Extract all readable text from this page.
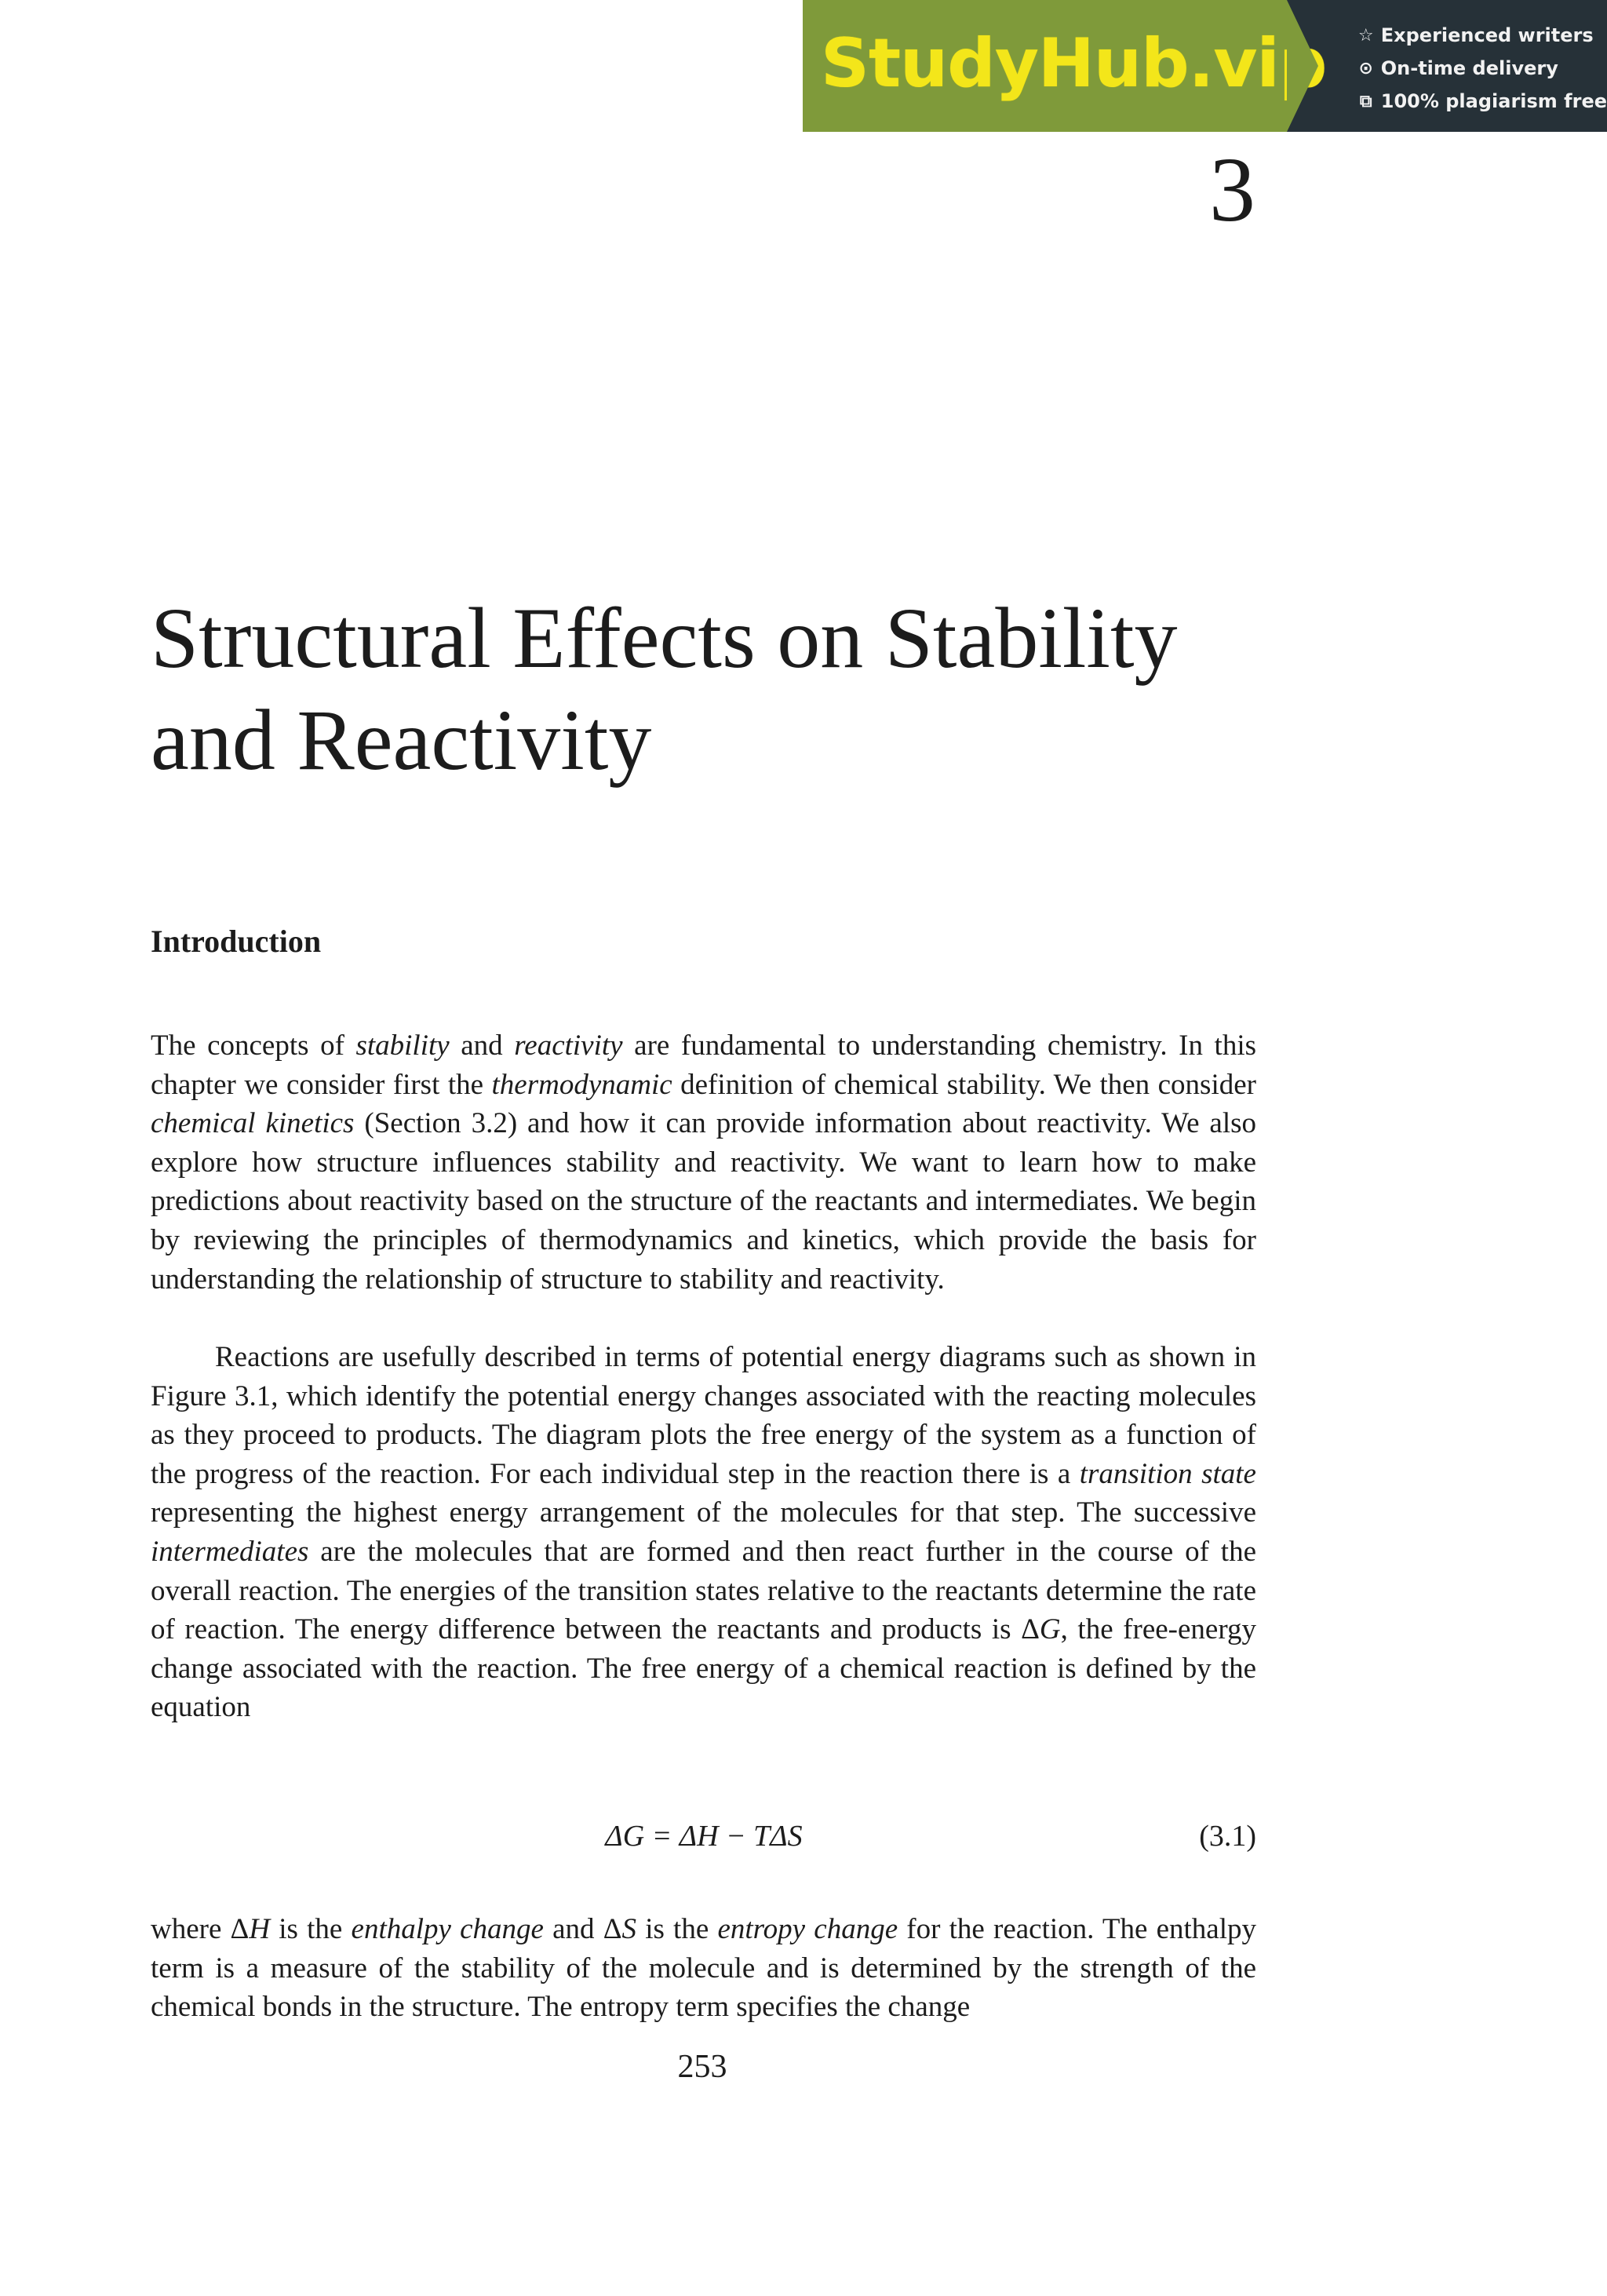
StudyHub.vip ☆ Experienced writers
⊙ On-time delivery
⧉ 100% plagiarism free
3
Structural Effects on Stability
and Reactivity
Introduction

The concepts of stability and reactivity are fundamental to understanding chemistry. In this chapter we consider first the thermodynamic definition of chemical stability. We then consider chemical kinetics (Section 3.2) and how it can provide information about reactivity. We also explore how structure influences stability and reactivity. We want to learn how to make predictions about reactivity based on the structure of the reactants and intermediates. We begin by reviewing the principles of thermodynamics and kinetics, which provide the basis for understanding the relationship of structure to stability and reactivity.

Reactions are usefully described in terms of potential energy diagrams such as shown in Figure 3.1, which identify the potential energy changes associated with the reacting molecules as they proceed to products. The diagram plots the free energy of the system as a function of the progress of the reaction. For each individual step in the reaction there is a transition state representing the highest energy arrangement of the molecules for that step. The successive intermediates are the molecules that are formed and then react further in the course of the overall reaction. The energies of the transition states relative to the reactants determine the rate of reaction. The energy difference between the reactants and products is ΔG, the free-energy change associated with the reaction. The free energy of a chemical reaction is defined by the equation

ΔG = ΔH − TΔS	(3.1)

where ΔH is the enthalpy change and ΔS is the entropy change for the reaction. The enthalpy term is a measure of the stability of the molecule and is determined by the strength of the chemical bonds in the structure. The entropy term specifies the change

253
